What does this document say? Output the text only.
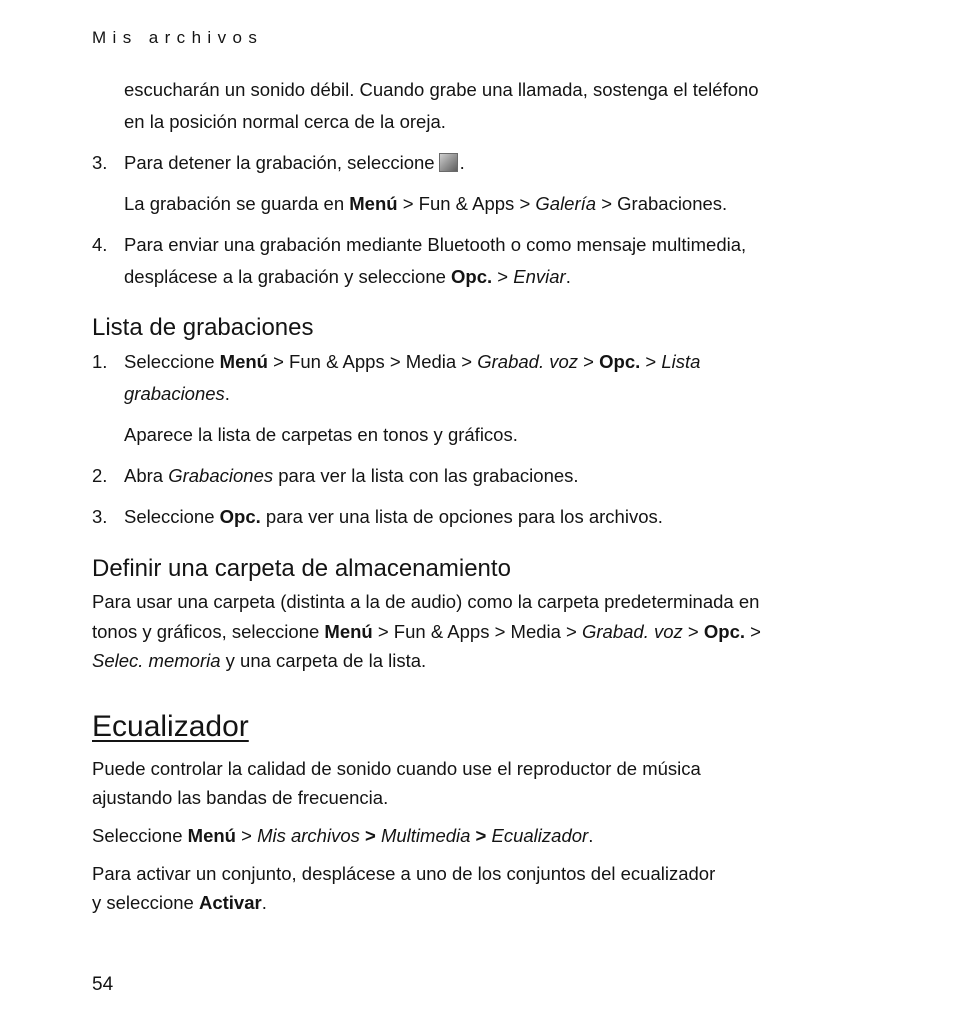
Mis archivos
escucharán un sonido débil. Cuando grabe una llamada, sostenga el teléfono
en la posición normal cerca de la oreja.
3. Para detener la grabación, seleccione .
La grabación se guarda en Menú > Fun & Apps > Galería > Grabaciones.
4. Para enviar una grabación mediante Bluetooth o como mensaje multimedia,
desplácese a la grabación y seleccione Opc. > Enviar.
Lista de grabaciones
1. Seleccione Menú > Fun & Apps > Media > Grabad. voz > Opc. > Lista
grabaciones.
Aparece la lista de carpetas en tonos y gráficos.
2. Abra Grabaciones para ver la lista con las grabaciones.
3. Seleccione Opc. para ver una lista de opciones para los archivos.
Definir una carpeta de almacenamiento
Para usar una carpeta (distinta a la de audio) como la carpeta predeterminada en
tonos y gráficos, seleccione Menú > Fun & Apps > Media > Grabad. voz > Opc. >
Selec. memoria y una carpeta de la lista.
Ecualizador
Puede controlar la calidad de sonido cuando use el reproductor de música
ajustando las bandas de frecuencia.
Seleccione Menú > Mis archivos > Multimedia > Ecualizador.
Para activar un conjunto, desplácese a uno de los conjuntos del ecualizador
y seleccione Activar.
54
